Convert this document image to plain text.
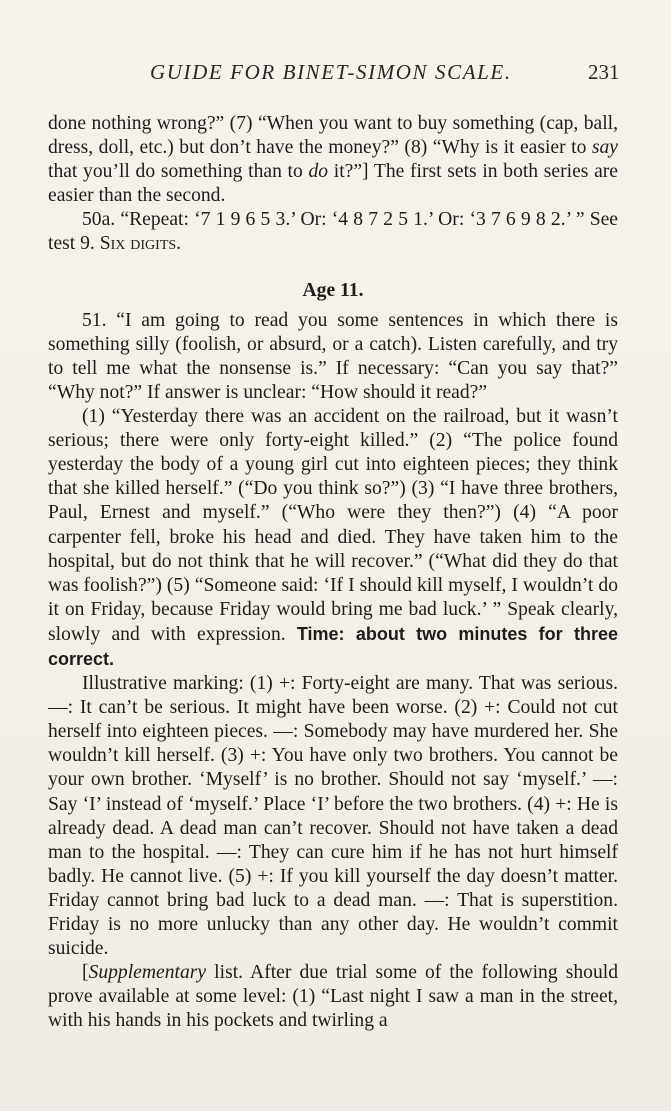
GUIDE FOR BINET-SIMON SCALE.	231

done nothing wrong?” (7) “When you want to buy something (cap, ball, dress, doll, etc.) but don’t have the money?” (8) “Why is it easier to say that you’ll do something than to do it?”] The first sets in both series are easier than the second.

50a. “Repeat: ‘7 1 9 6 5 3.’ Or: ‘4 8 7 2 5 1.’ Or: ‘3 7 6 9 8 2.’ ” See test 9. Six digits.

Age 11.

51. “I am going to read you some sentences in which there is something silly (foolish, or absurd, or a catch). Listen carefully, and try to tell me what the nonsense is.” If necessary: “Can you say that?” “Why not?” If answer is unclear: “How should it read?”

(1) “Yesterday there was an accident on the railroad, but it wasn’t serious; there were only forty-eight killed.” (2) “The police found yesterday the body of a young girl cut into eighteen pieces; they think that she killed herself.” (“Do you think so?”) (3) “I have three brothers, Paul, Ernest and myself.” (“Who were they then?”) (4) “A poor carpenter fell, broke his head and died. They have taken him to the hospital, but do not think that he will recover.” (“What did they do that was foolish?”) (5) “Someone said: ‘If I should kill myself, I wouldn’t do it on Friday, because Friday would bring me bad luck.’ ” Speak clearly, slowly and with expression. Time: about two minutes for three correct.

Illustrative marking: (1) +: Forty-eight are many. That was serious. —: It can’t be serious. It might have been worse. (2) +: Could not cut herself into eighteen pieces. —: Somebody may have murdered her. She wouldn’t kill herself. (3) +: You have only two brothers. You cannot be your own brother. ‘Myself’ is no brother. Should not say ‘myself.’ —: Say ‘I’ instead of ‘myself.’ Place ‘I’ before the two brothers. (4) +: He is already dead. A dead man can’t recover. Should not have taken a dead man to the hospital. —: They can cure him if he has not hurt himself badly. He cannot live. (5) +: If you kill yourself the day doesn’t matter. Friday cannot bring bad luck to a dead man. —: That is superstition. Friday is no more unlucky than any other day. He wouldn’t commit suicide.

[Supplementary list. After due trial some of the following should prove available at some level: (1) “Last night I saw a man in the street, with his hands in his pockets and twirling a
